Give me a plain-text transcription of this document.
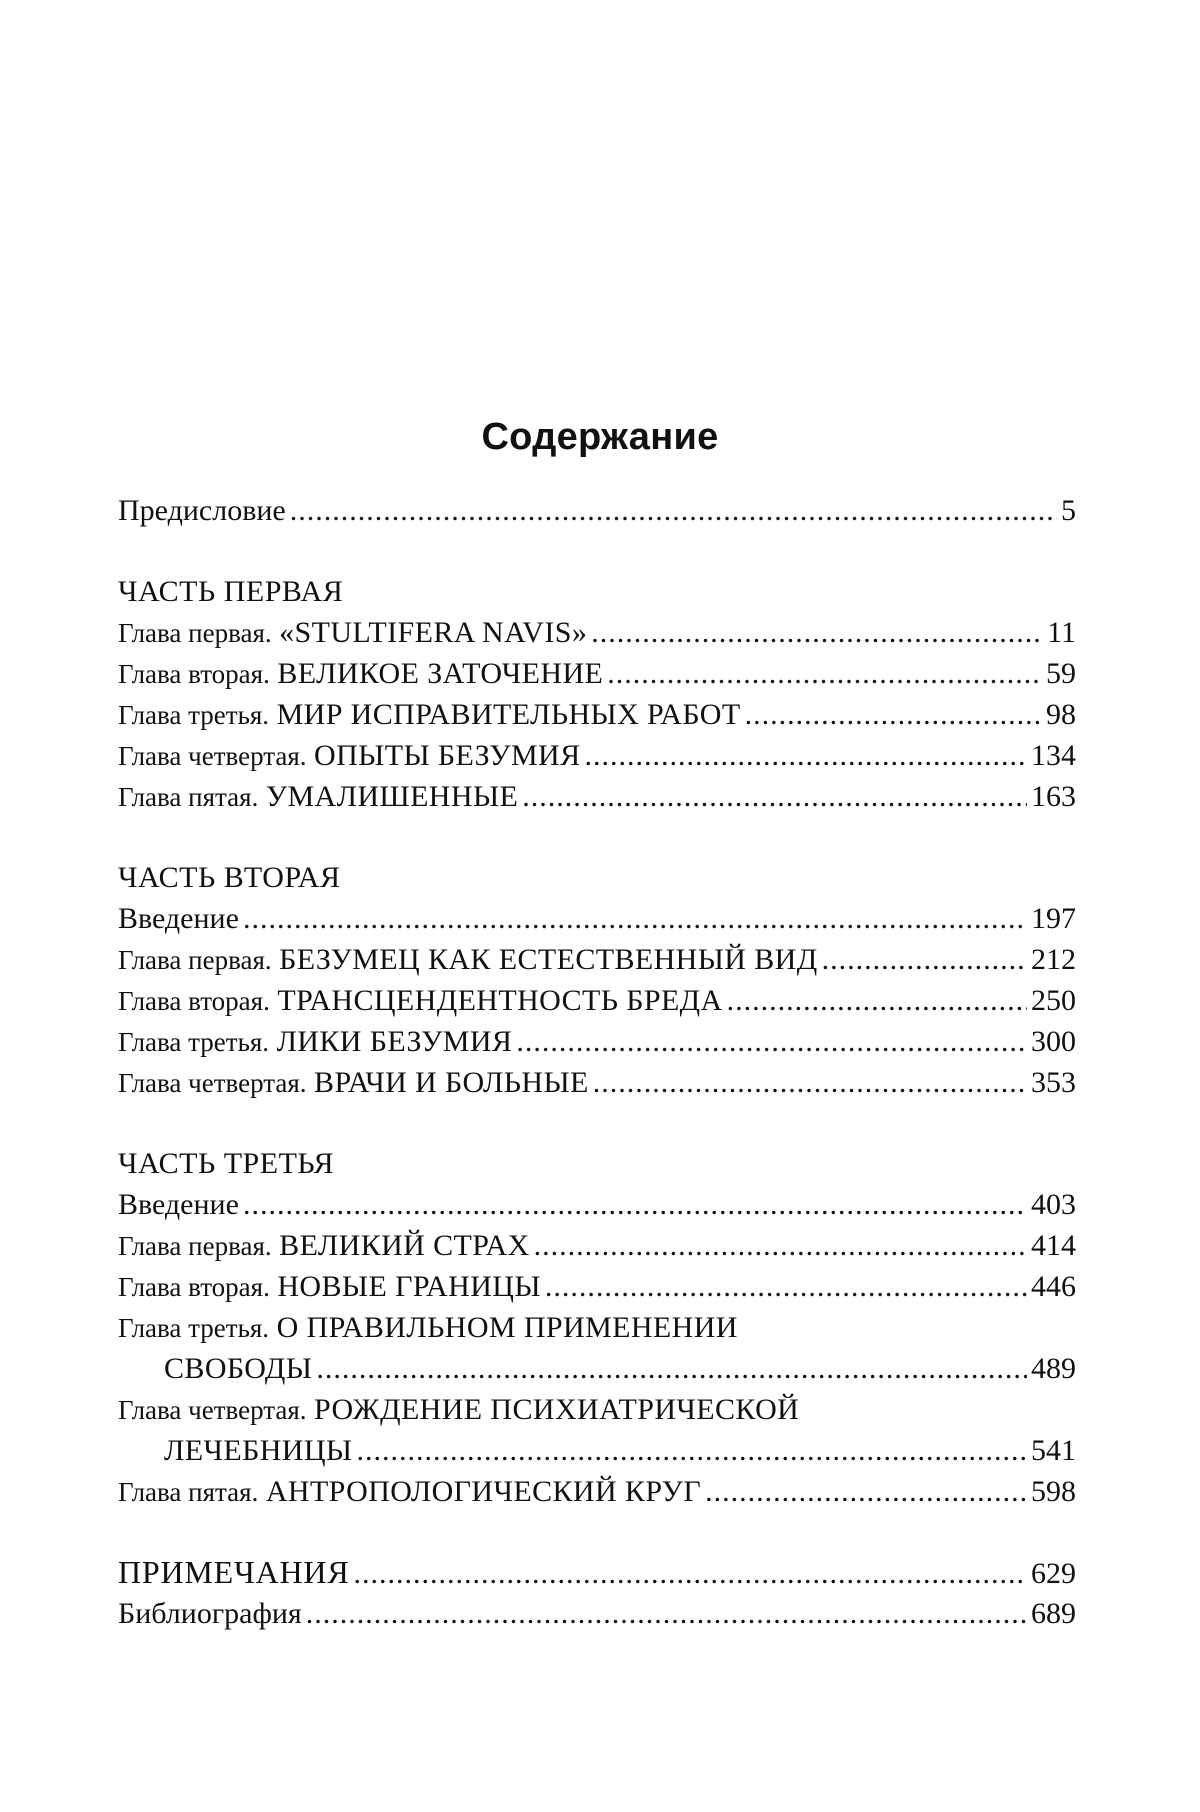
Содержание
Предисловие .....	5
ЧАСТЬ ПЕРВАЯ
Глава первая. «STULTIFERA NAVIS» .....	11
Глава вторая. ВЕЛИКОЕ ЗАТОЧЕНИЕ .....	59
Глава третья. МИР ИСПРАВИТЕЛЬНЫХ РАБОТ .....	98
Глава четвертая. ОПЫТЫ БЕЗУМИЯ .....	134
Глава пятая. УМАЛИШЕННЫЕ .....	163
ЧАСТЬ ВТОРАЯ
Введение .....	197
Глава первая. БЕЗУМЕЦ КАК ЕСТЕСТВЕННЫЙ ВИД .....	212
Глава вторая. ТРАНСЦЕНДЕНТНОСТЬ БРЕДА .....	250
Глава третья. ЛИКИ БЕЗУМИЯ .....	300
Глава четвертая. ВРАЧИ И БОЛЬНЫЕ .....	353
ЧАСТЬ ТРЕТЬЯ
Введение .....	403
Глава первая. ВЕЛИКИЙ СТРАХ .....	414
Глава вторая. НОВЫЕ ГРАНИЦЫ .....	446
Глава третья. О ПРАВИЛЬНОМ ПРИМЕНЕНИИ
СВОБОДЫ .....	489
Глава четвертая. РОЖДЕНИЕ ПСИХИАТРИЧЕСКОЙ
ЛЕЧЕБНИЦЫ .....	541
Глава пятая. АНТРОПОЛОГИЧЕСКИЙ КРУГ .....	598
ПРИМЕЧАНИЯ .....	629
Библиография .....	689
